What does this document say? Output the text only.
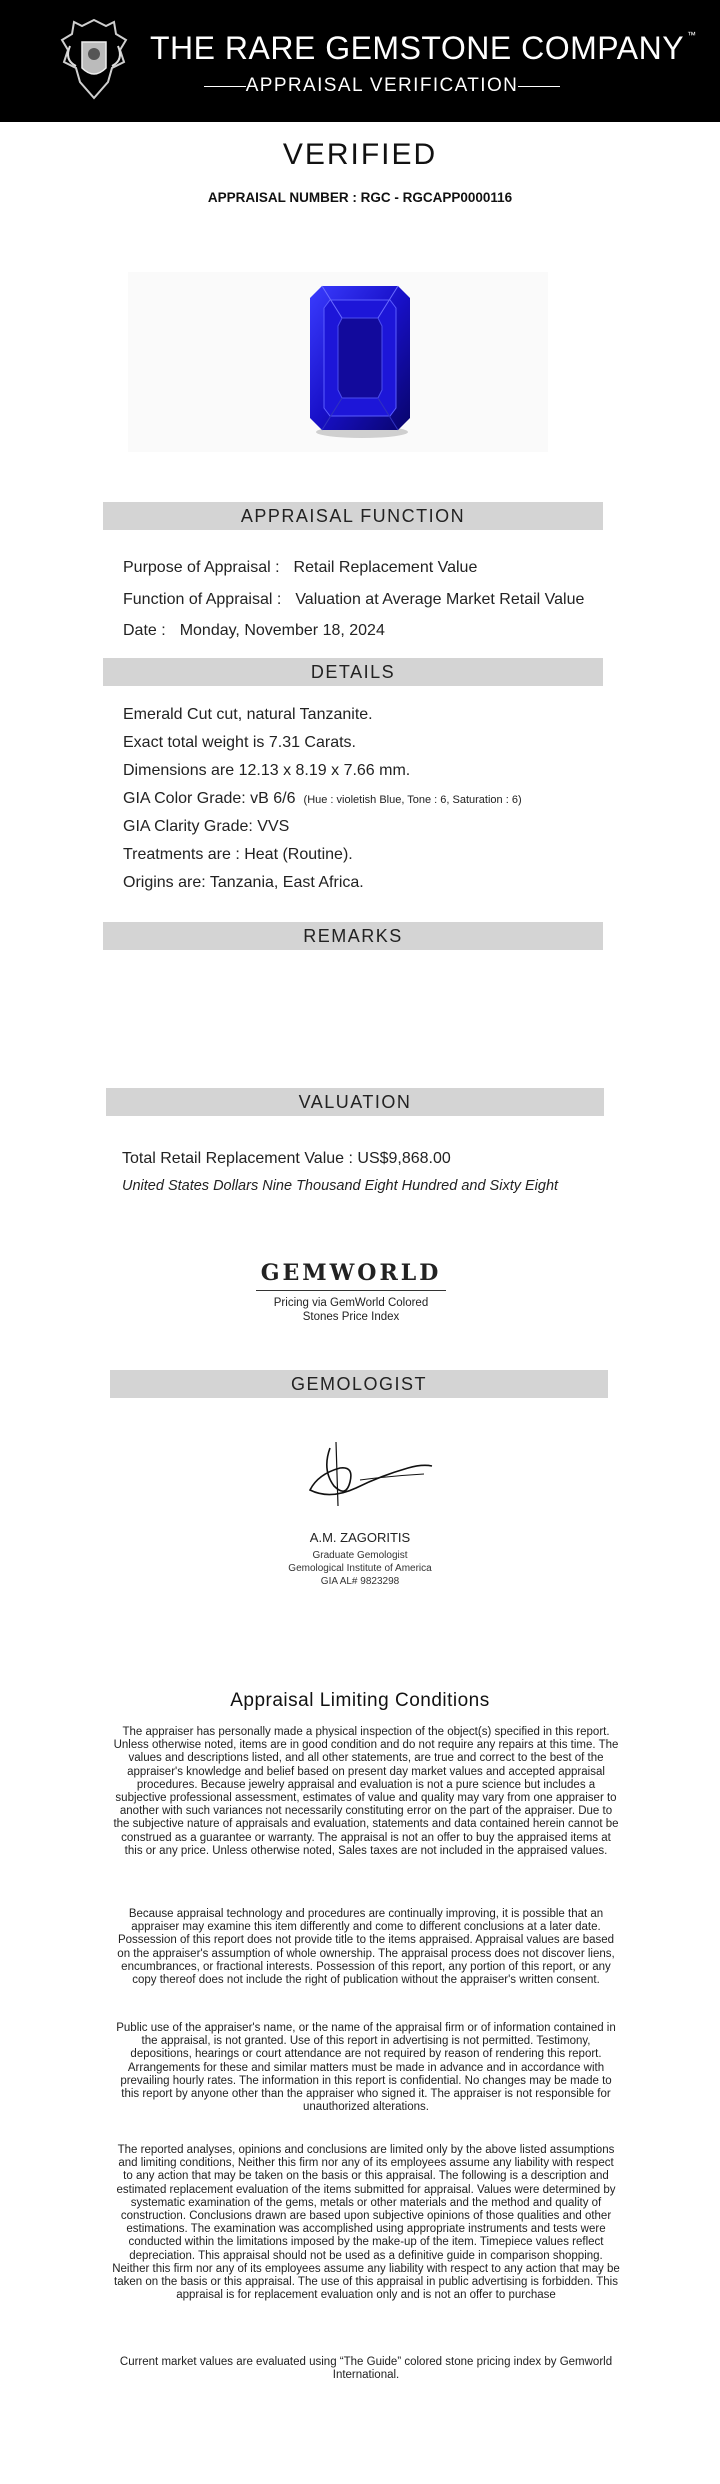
THE RARE GEMSTONE COMPANY ™
APPRAISAL VERIFICATION
VERIFIED
APPRAISAL NUMBER : RGC - RGCAPP0000116
APPRAISAL FUNCTION
Purpose of Appraisal : Retail Replacement Value
Function of Appraisal : Valuation at Average Market Retail Value
Date : Monday, November 18, 2024
DETAILS
Emerald Cut cut, natural Tanzanite.
Exact total weight is 7.31 Carats.
Dimensions are 12.13 x 8.19 x 7.66 mm.
GIA Color Grade: vB 6/6 (Hue : violetish Blue, Tone : 6, Saturation : 6)
GIA Clarity Grade: VVS
Treatments are : Heat (Routine).
Origins are: Tanzania, East Africa.
REMARKS
VALUATION
Total Retail Replacement Value : US$9,868.00
United States Dollars Nine Thousand Eight Hundred and Sixty Eight
GEMWORLD
Pricing via GemWorld Colored
Stones Price Index
GEMOLOGIST
A.M. ZAGORITIS
Graduate Gemologist
Gemological Institute of America
GIA AL# 9823298
Appraisal Limiting Conditions
The appraiser has personally made a physical inspection of the object(s) specified in this report. Unless otherwise noted, items are in good condition and do not require any repairs at this time. The values and descriptions listed, and all other statements, are true and correct to the best of the appraiser's knowledge and belief based on present day market values and accepted appraisal procedures. Because jewelry appraisal and evaluation is not a pure science but includes a subjective professional assessment, estimates of value and quality may vary from one appraiser to another with such variances not necessarily constituting error on the part of the appraiser. Due to the subjective nature of appraisals and evaluation, statements and data contained herein cannot be construed as a guarantee or warranty. The appraisal is not an offer to buy the appraised items at this or any price. Unless otherwise noted, Sales taxes are not included in the appraised values.
Because appraisal technology and procedures are continually improving, it is possible that an appraiser may examine this item differently and come to different conclusions at a later date. Possession of this report does not provide title to the items appraised. Appraisal values are based on the appraiser's assumption of whole ownership. The appraisal process does not discover liens, encumbrances, or fractional interests. Possession of this report, any portion of this report, or any copy thereof does not include the right of publication without the appraiser's written consent.
Public use of the appraiser's name, or the name of the appraisal firm or of information contained in the appraisal, is not granted. Use of this report in advertising is not permitted. Testimony, depositions, hearings or court attendance are not required by reason of rendering this report. Arrangements for these and similar matters must be made in advance and in accordance with prevailing hourly rates. The information in this report is confidential. No changes may be made to this report by anyone other than the appraiser who signed it. The appraiser is not responsible for unauthorized alterations.
The reported analyses, opinions and conclusions are limited only by the above listed assumptions and limiting conditions, Neither this firm nor any of its employees assume any liability with respect to any action that may be taken on the basis or this appraisal. The following is a description and estimated replacement evaluation of the items submitted for appraisal. Values were determined by systematic examination of the gems, metals or other materials and the method and quality of construction. Conclusions drawn are based upon subjective opinions of those qualities and other estimations. The examination was accomplished using appropriate instruments and tests were conducted within the limitations imposed by the make-up of the item. Timepiece values reflect depreciation. This appraisal should not be used as a definitive guide in comparison shopping. Neither this firm nor any of its employees assume any liability with respect to any action that may be taken on the basis or this appraisal. The use of this appraisal in public advertising is forbidden. This appraisal is for replacement evaluation only and is not an offer to purchase
Current market values are evaluated using “The Guide” colored stone pricing index by Gemworld International.
